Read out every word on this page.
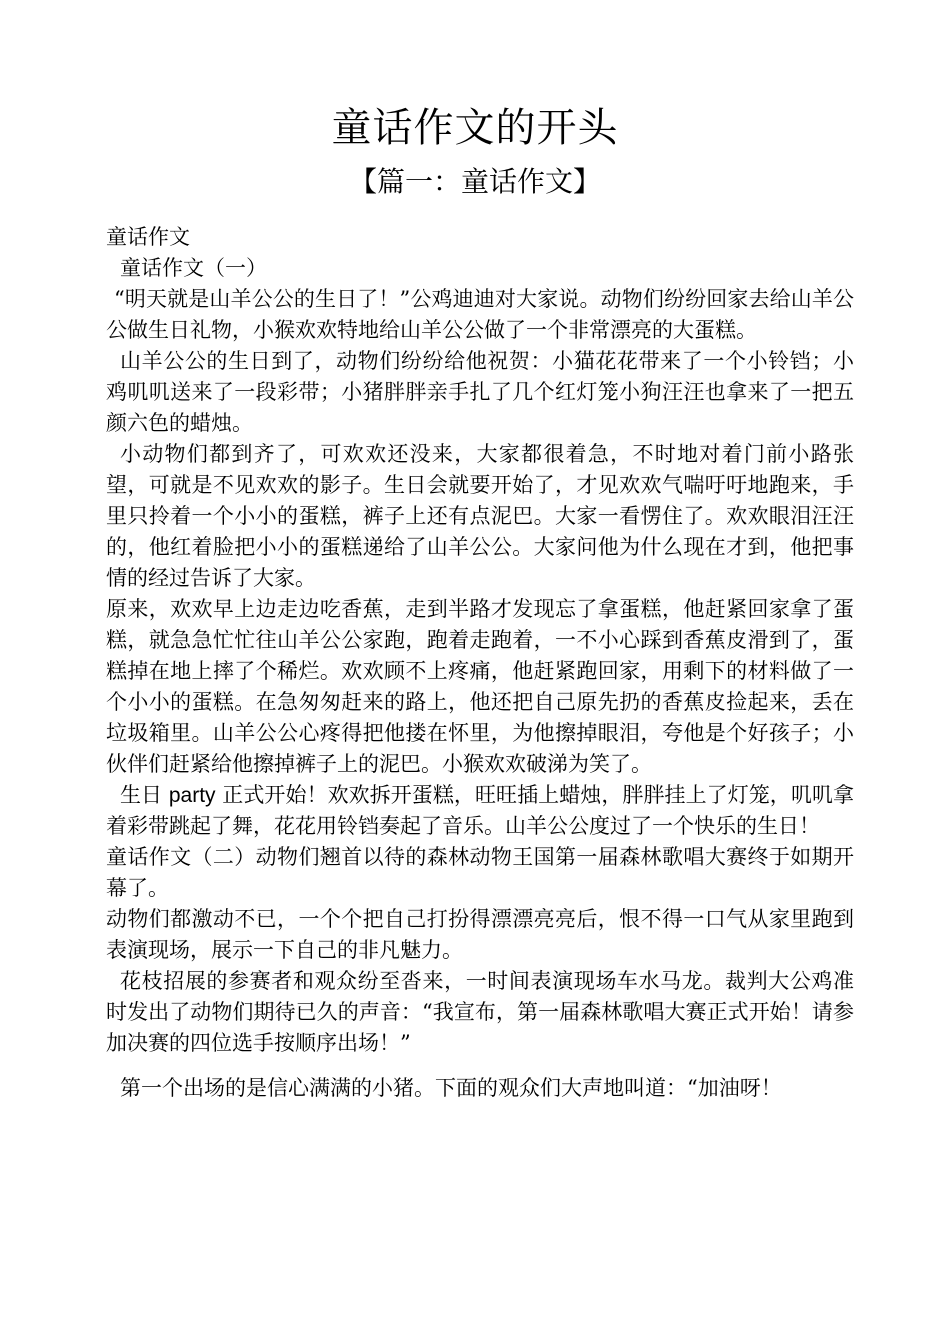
童话作文的开头
【篇一：童话作文】

童话作文

童话作文（一）

“明天就是山羊公公的生日了！”公鸡迪迪对大家说。动物们纷纷回家去给山羊公公做生日礼物，小猴欢欢特地给山羊公公做了一个非常漂亮的大蛋糕。

山羊公公的生日到了，动物们纷纷给他祝贺：小猫花花带来了一个小铃铛；小鸡叽叽送来了一段彩带；小猪胖胖亲手扎了几个红灯笼小狗汪汪也拿来了一把五颜六色的蜡烛。

小动物们都到齐了，可欢欢还没来，大家都很着急，不时地对着门前小路张望，可就是不见欢欢的影子。生日会就要开始了，才见欢欢气喘吁吁地跑来，手里只拎着一个小小的蛋糕，裤子上还有点泥巴。大家一看愣住了。欢欢眼泪汪汪的，他红着脸把小小的蛋糕递给了山羊公公。大家问他为什么现在才到，他把事情的经过告诉了大家。

原来，欢欢早上边走边吃香蕉，走到半路才发现忘了拿蛋糕，他赶紧回家拿了蛋糕，就急急忙忙往山羊公公家跑，跑着走跑着，一不小心踩到香蕉皮滑到了，蛋糕掉在地上摔了个稀烂。欢欢顾不上疼痛，他赶紧跑回家，用剩下的材料做了一个小小的蛋糕。在急匆匆赶来的路上，他还把自己原先扔的香蕉皮捡起来，丢在垃圾箱里。山羊公公心疼得把他搂在怀里，为他擦掉眼泪，夸他是个好孩子；小伙伴们赶紧给他擦掉裤子上的泥巴。小猴欢欢破涕为笑了。

生日 party 正式开始！欢欢拆开蛋糕，旺旺插上蜡烛，胖胖挂上了灯笼，叽叽拿着彩带跳起了舞，花花用铃铛奏起了音乐。山羊公公度过了一个快乐的生日！

童话作文（二）动物们翘首以待的森林动物王国第一届森林歌唱大赛终于如期开幕了。

动物们都激动不已，一个个把自己打扮得漂漂亮亮后，恨不得一口气从家里跑到表演现场，展示一下自己的非凡魅力。

花枝招展的参赛者和观众纷至沓来，一时间表演现场车水马龙。裁判大公鸡准时发出了动物们期待已久的声音：“我宣布，第一届森林歌唱大赛正式开始！请参加决赛的四位选手按顺序出场！”

第一个出场的是信心满满的小猪。下面的观众们大声地叫道：“加油呀！
